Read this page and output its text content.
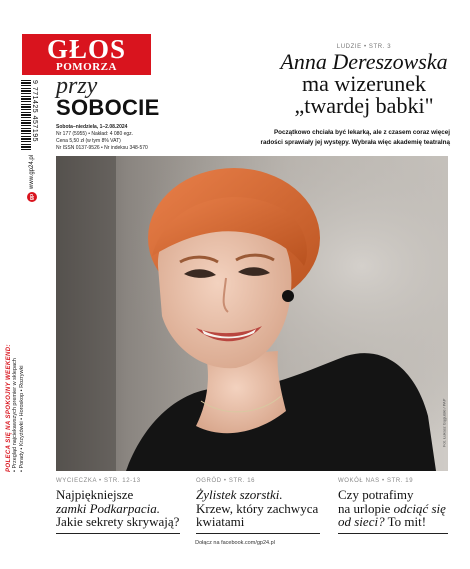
GŁOS
POMORZA
9 771425 457195 przy
SOBOCIE
Sobota–niedziela, 1–2.08.2024
Nr 177 (5955) • Nakład: 4 080 egz.
Cena 5,50 zł (w tym 8% VAT)
Nr ISSN 0137-9526 • Nr indeksu 348-570
gp
www.gp24.pl
LUDZIE • STR. 3
Anna Dereszowska
ma wizerunek
„twardej babki"
Początkowo chciała być lekarką, ale z czasem coraz więcej
radości sprawiały jej występy. Wybrała więc akademię teatralną
Fot. Łukasz Gągulski / PAP
POLECA SIĘ NA SPOKOJNY WEEKEND: • Przegląd najciekawszych premier w sklepach • Porady • Krzyżówki • Horoskop • Rozrywki
WYCIECZKA • STR. 12-13
Najpiękniejsze
zamki Podkarpacia.
Jakie sekrety skrywają?
OGRÓD • STR. 16
Żylistek szorstki.
Krzew, który zachwyca
kwiatami
WOKÓŁ NAS • STR. 19
Czy potrafimy
na urlopie odciąć się od sieci? To mit!
Dołącz na facebook.com/gp24.pl
